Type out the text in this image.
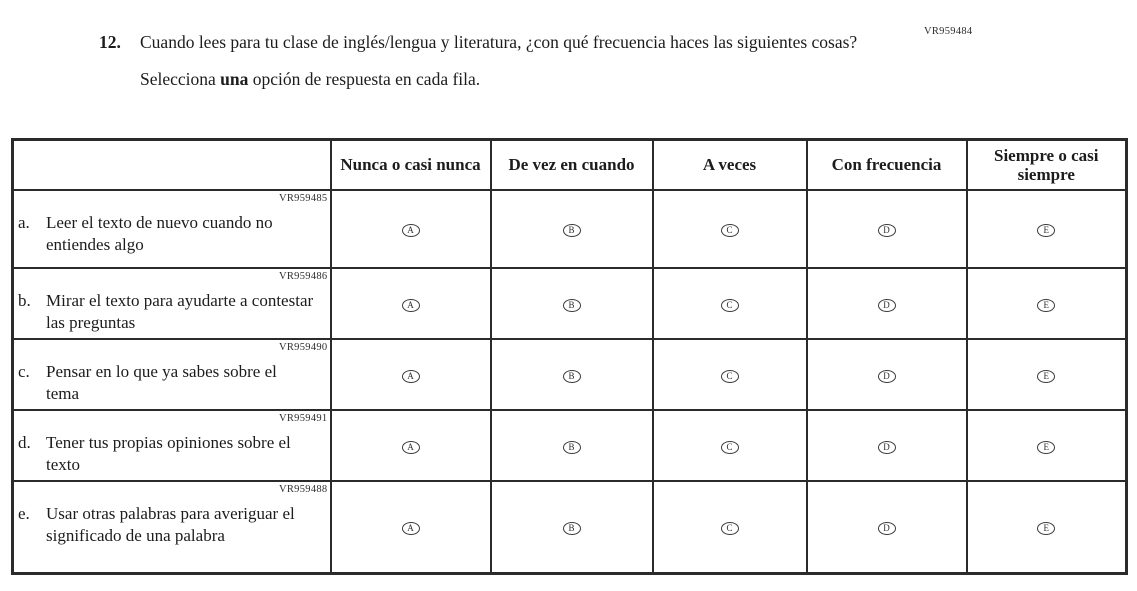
VR959484
12.	Cuando lees para tu clase de inglés/lengua y literatura, ¿con qué frecuencia haces las siguientes cosas?
Selecciona una opción de respuesta en cada fila.
	Nunca o casi nunca	De vez en cuando	A veces	Con frecuencia	Siempre o casi siempre

VR959485
a. Leer el texto de nuevo cuando no entiendes algo	A	B	C	D	E

VR959486
b. Mirar el texto para ayudarte a contestar las preguntas	A	B	C	D	E

VR959490
c. Pensar en lo que ya sabes sobre el tema	A	B	C	D	E

VR959491
d. Tener tus propias opiniones sobre el texto	A	B	C	D	E

VR959488
e. Usar otras palabras para averiguar el significado de una palabra	A	B	C	D	E
